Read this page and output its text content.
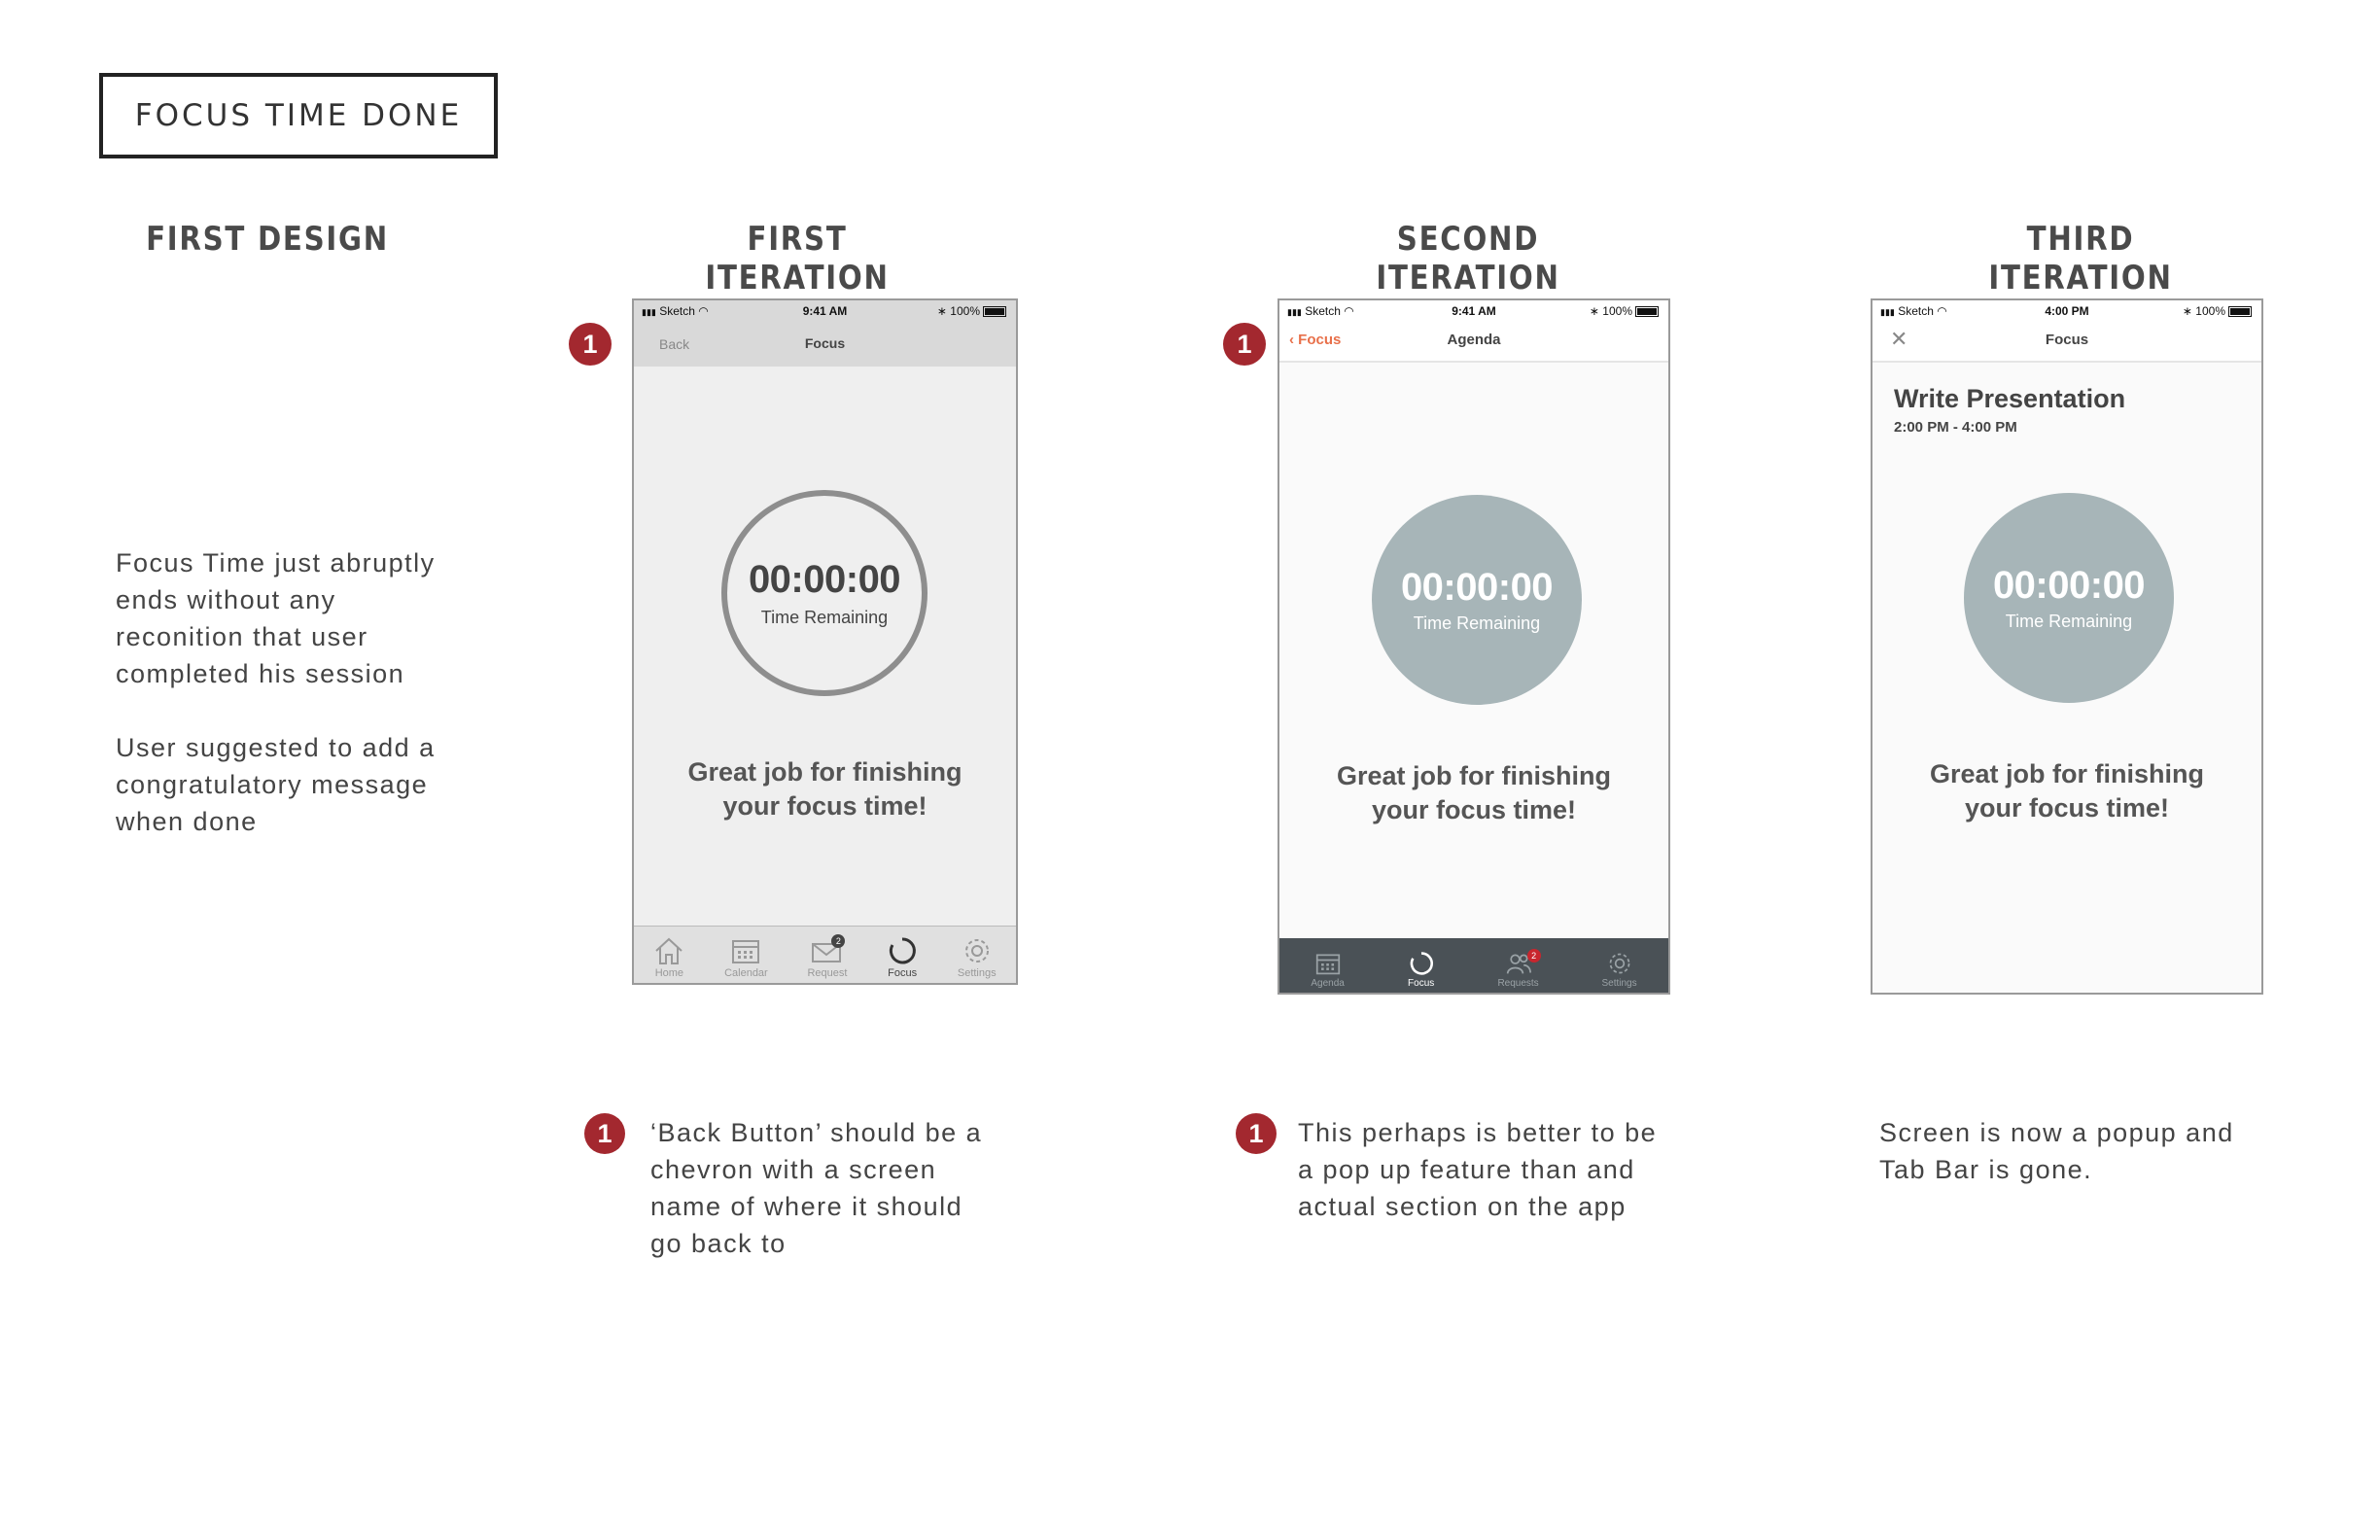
FOCUS TIME DONE
FIRST DESIGN	FIRST ITERATION
SECOND ITERATION
THIRD ITERATION

Focus Time just abruptly

ends without any

reconition that user

completed his session

User suggested to add a

congratulatory message

when done

1	1
▮▮▮ Sketch ◠	9:41 AM	∗ 100%
Back	Focus
00:00:00
Time Remaining
Great job for finishing
your focus time!
Home	Calendar
2
Request	Focus	Settings
▮▮▮ Sketch ◠	9:41 AM	∗ 100%
‹ Focus	Agenda
00:00:00
Time Remaining
Great job for finishing
your focus time!
Agenda	Focus
2
Requests	Settings
▮▮▮ Sketch ◠	4:00 PM	∗ 100%
✕	Focus
Write Presentation
2:00 PM - 4:00 PM
00:00:00
Time Remaining
Great job for finishing
your focus time!
1 ‘Back Button’ should be a

chevron with a screen

name of where it should

go back to

1 This perhaps is better to be

a pop up feature than and

actual section on the app

Screen is now a popup and

Tab Bar is gone.
